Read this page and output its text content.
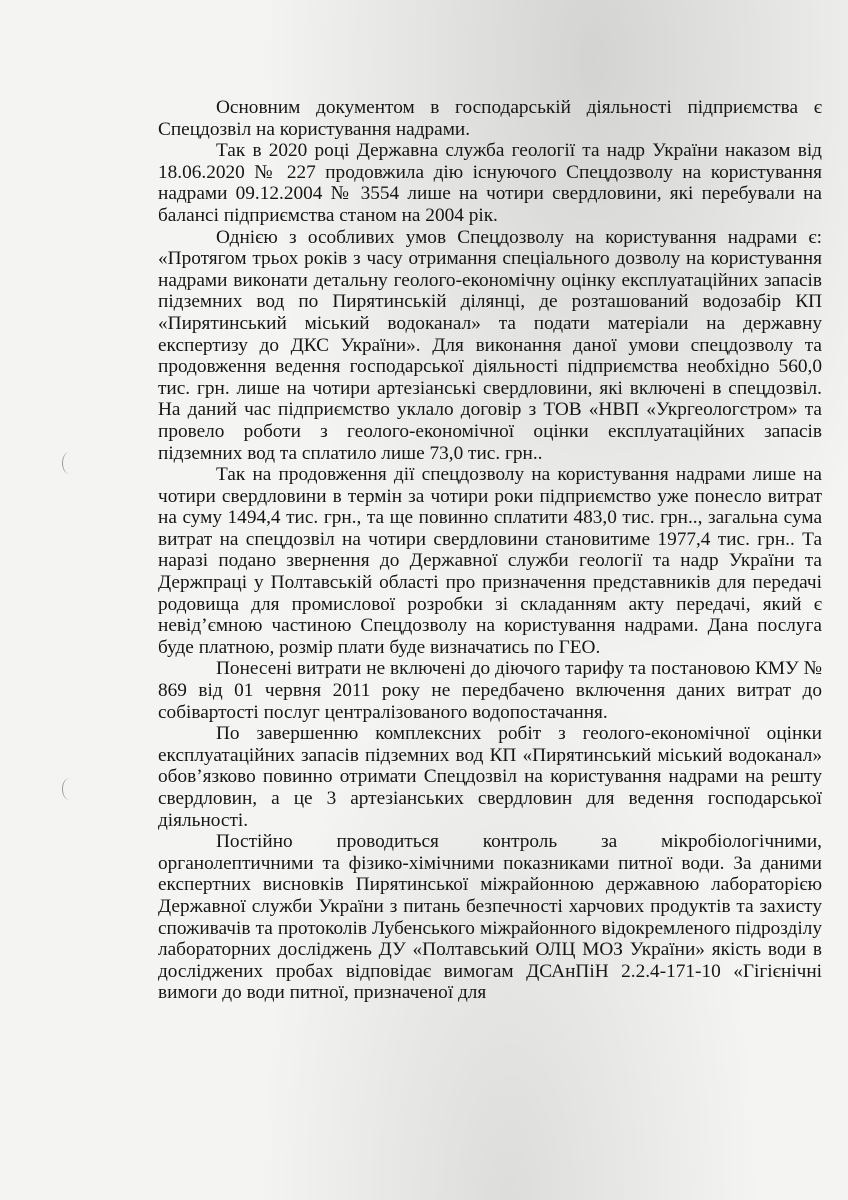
Основним документом в господарській діяльності підприємства є Спецдозвіл на користування надрами.

Так в 2020 році Державна служба геології та надр України наказом від 18.06.2020 № 227 продовжила дію існуючого Спецдозволу на користування надрами 09.12.2004 № 3554 лише на чотири свердловини, які перебували на балансі підприємства станом на 2004 рік.

Однією з особливих умов Спецдозволу на користування надрами є: «Протягом трьох років з часу отримання спеціального дозволу на користування надрами виконати детальну геолого-економічну оцінку експлуатаційних запасів підземних вод по Пирятинській ділянці, де розташований водозабір КП «Пирятинський міський водоканал» та подати матеріали на державну експертизу до ДКС України». Для виконання даної умови спецдозволу та продовження ведення господарської діяльності підприємства необхідно 560,0 тис. грн. лише на чотири артезіанські свердловини, які включені в спецдозвіл. На даний час підприємство уклало договір з ТОВ «НВП «Укргеологстром» та провело роботи з геолого-економічної оцінки експлуатаційних запасів підземних вод та сплатило лише 73,0 тис. грн..

Так на продовження дії спецдозволу на користування надрами лише на чотири свердловини в термін за чотири роки підприємство уже понесло витрат на суму 1494,4 тис. грн., та ще повинно сплатити 483,0 тис. грн.., загальна сума витрат на спецдозвіл на чотири свердловини становитиме 1977,4 тис. грн.. Та наразі подано звернення до Державної служби геології та надр України та Держпраці у Полтавській області про призначення представників для передачі родовища для промислової розробки зі складанням акту передачі, який є невід’ємною частиною Спецдозволу на користування надрами. Дана послуга буде платною, розмір плати буде визначатись по ГЕО.

Понесені витрати не включені до діючого тарифу та постановою КМУ № 869 від 01 червня 2011 року не передбачено включення даних витрат до собівартості послуг централізованого водопостачання.

По завершенню комплексних робіт з геолого-економічної оцінки експлуатаційних запасів підземних вод КП «Пирятинський міський водоканал» обов’язково повинно отримати Спецдозвіл на користування надрами на решту свердловин, а це 3 артезіанських свердловин для ведення господарської діяльності.

Постійно проводиться контроль за мікробіологічними, органолептичними та фізико-хімічними показниками питної води. За даними експертних висновків Пирятинської міжрайонною державною лабораторією Державної служби України з питань безпечності харчових продуктів та захисту споживачів та протоколів Лубенського міжрайонного відокремленого підрозділу лабораторних досліджень ДУ «Полтавський ОЛЦ МОЗ України» якість води в досліджених пробах відповідає вимогам ДСАнПіН 2.2.4-171-10 «Гігієнічні вимоги до води питної, призначеної для
